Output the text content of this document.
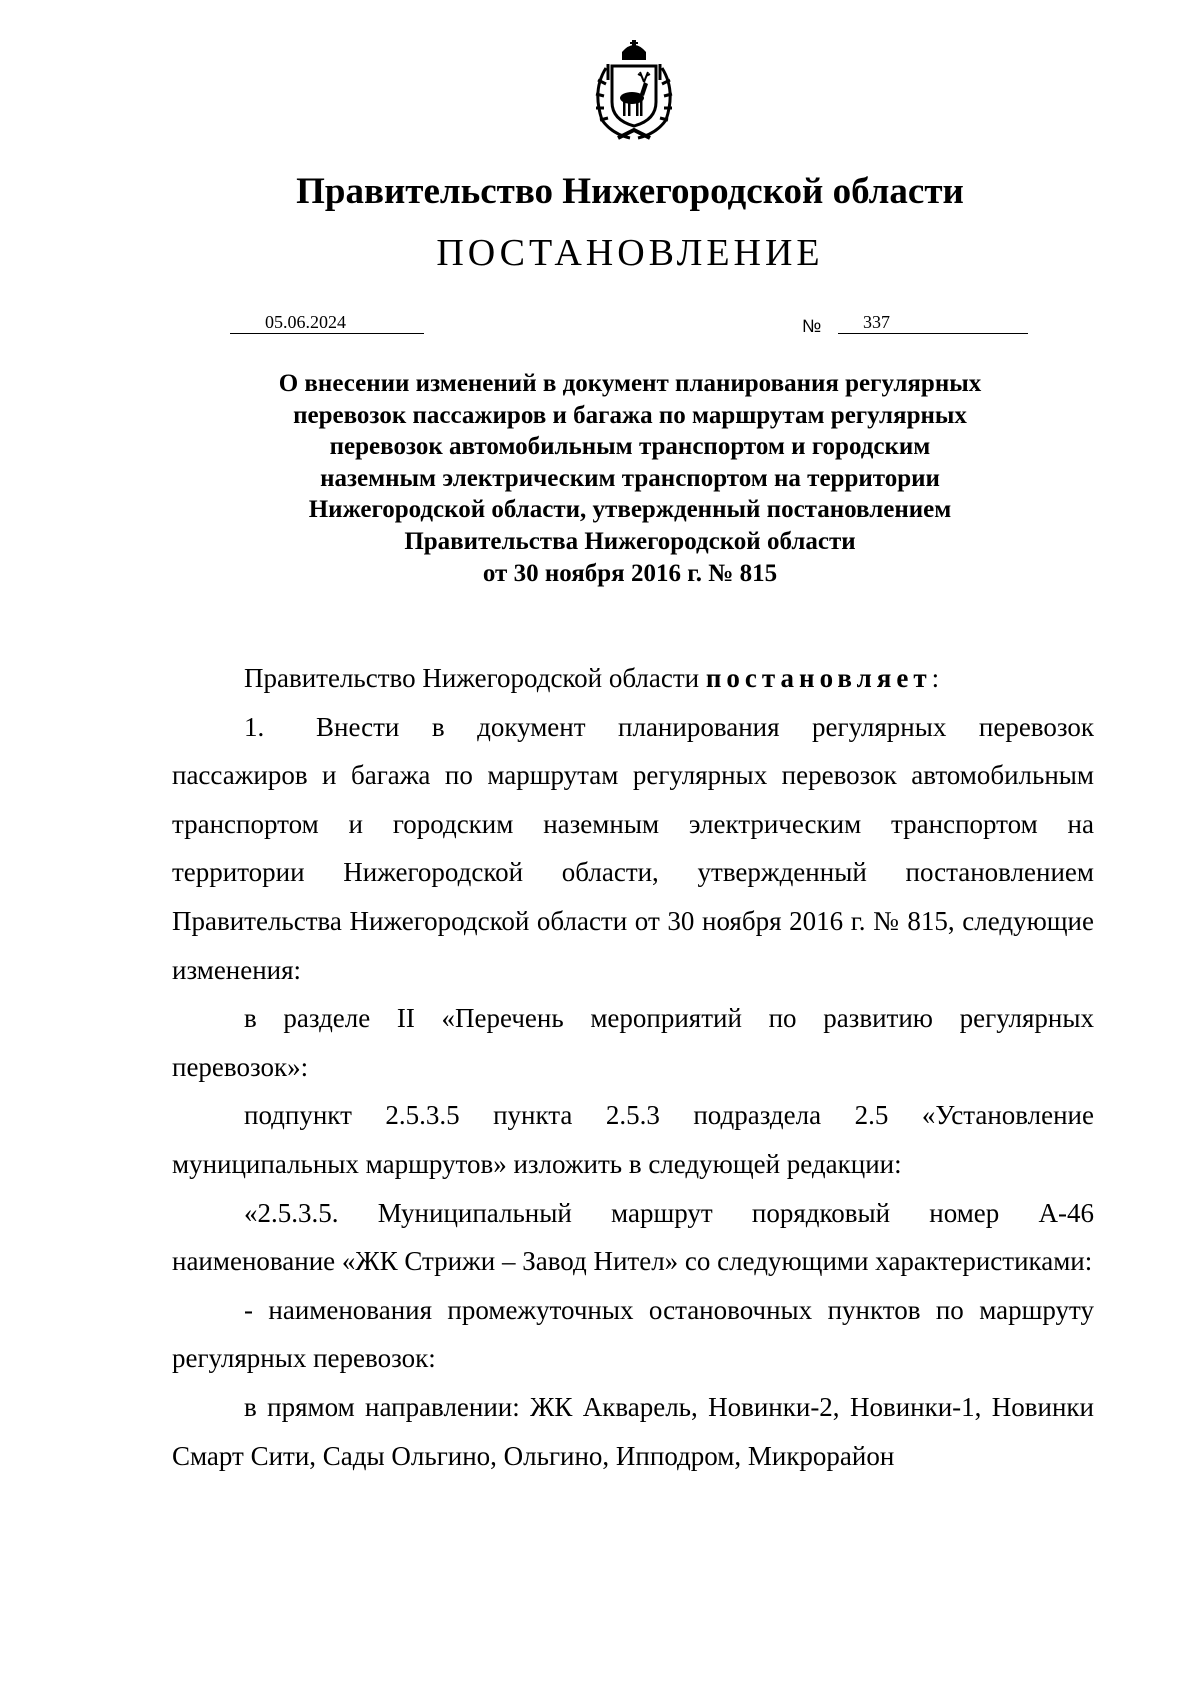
Правительство Нижегородской области
ПОСТАНОВЛЕНИЕ
05.06.2024	№	337
О внесении изменений в документ планирования регулярных
перевозок пассажиров и багажа по маршрутам регулярных
перевозок автомобильным транспортом и городским
наземным электрическим транспортом на территории
Нижегородской области, утвержденный постановлением
Правительства Нижегородской области
от 30 ноября 2016 г. № 815
Правительство Нижегородской области постановляет:
1. Внести в документ планирования регулярных перевозок
пассажиров и багажа по маршрутам регулярных перевозок автомобильным транспортом и городским наземным электрическим транспортом на территории Нижегородской области, утвержденный постановлением Правительства Нижегородской области от 30 ноября 2016 г. № 815, следующие изменения:

в разделе II «Перечень мероприятий по развитию регулярных перевозок»:

подпункт 2.5.3.5 пункта 2.5.3 подраздела 2.5 «Установление муниципальных маршрутов» изложить в следующей редакции:

«2.5.3.5. Муниципальный маршрут порядковый номер А-46 наименование «ЖК Стрижи – Завод Нител» со следующими характеристиками:

- наименования промежуточных остановочных пунктов по маршруту регулярных перевозок:

в прямом направлении: ЖК Акварель, Новинки-2, Новинки-1, Новинки Смарт Сити, Сады Ольгино, Ольгино, Ипподром, Микрорайон
